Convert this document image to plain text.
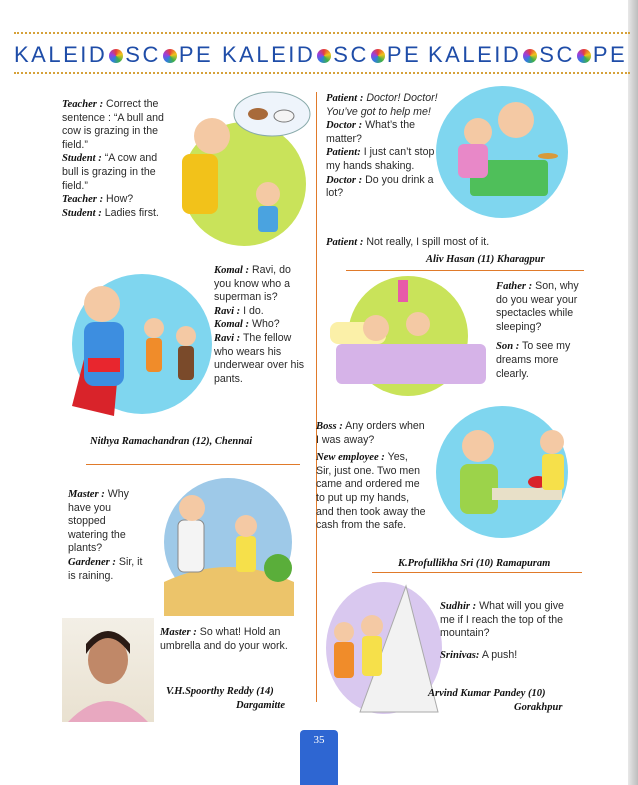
KALEID SC PE KALEID SC PE KALEID SC PE

Teacher : Correct the sentence : “A bull and cow is grazing in the field.”

Student : “A cow and bull is grazing in the field.”

Teacher : How?

Student : Ladies first.

Patient : Doctor! Doctor! You’ve got to help me!

Doctor : What’s the matter?

Patient: I just can’t stop my hands shaking.

Doctor : Do you drink a lot?

Patient : Not really, I spill most of it.

Aliv Hasan (11) Kharagpur

Komal : Ravi, do you know who a superman is?

Ravi : I do.

Komal : Who?

Ravi : The fellow who wears his underwear over his pants.

Nithya Ramachandran (12), Chennai

Father : Son, why do you wear your spectacles while sleeping?

Son : To see my dreams more clearly.

Boss : Any orders when I was away?

New employee : Yes, Sir, just one. Two men came and ordered me to put up my hands, and then took away the cash from the safe.

K.Profullikha Sri (10) Ramapuram

Master : Why have you stopped watering the plants?

Gardener : Sir, it is raining.

Master : So what! Hold an umbrella and do your work.

V.H.Spoorthy Reddy (14)
Dargamitte

Sudhir : What will you give me if I reach the top of the mountain?

Srinivas: A push!

Arvind Kumar Pandey (10)
Gorakhpur
35
